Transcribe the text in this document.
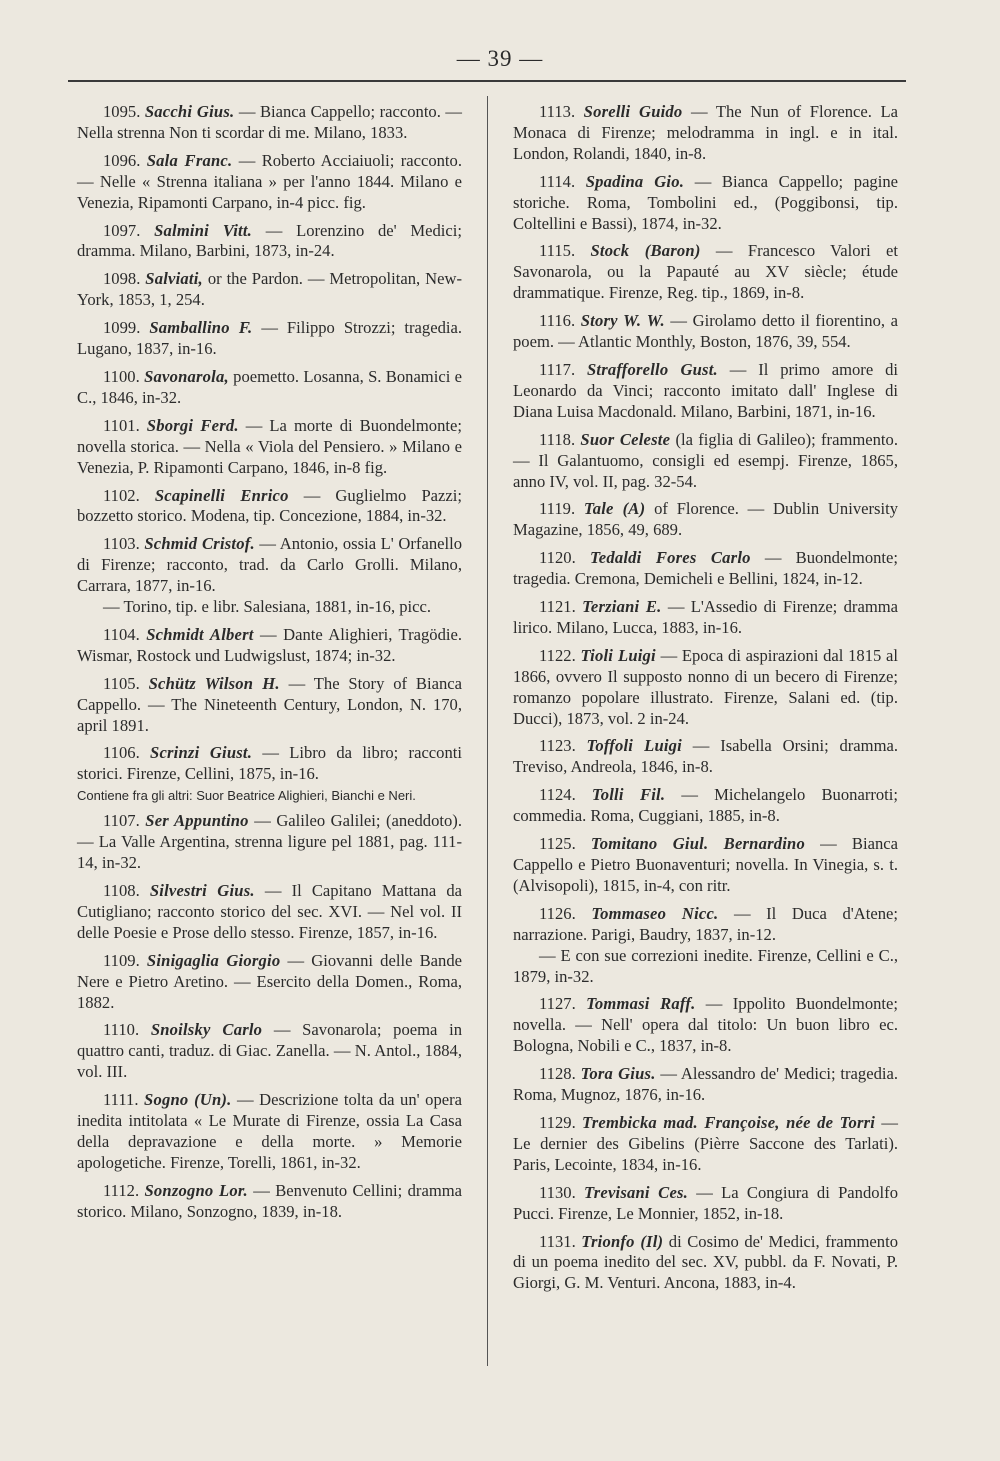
— 39 —

1095. Sacchi Gius. — Bianca Cappello; racconto. — Nella strenna Non ti scordar di me. Milano, 1833.

1096. Sala Franc. — Roberto Acciaiuoli; racconto. — Nelle « Strenna italiana » per l'anno 1844. Milano e Venezia, Ripamonti Carpano, in-4 picc. fig.

1097. Salmini Vitt. — Lorenzino de' Medici; dramma. Milano, Barbini, 1873, in-24.

1098. Salviati, or the Pardon. — Metropolitan, New-York, 1853, 1, 254.

1099. Samballino F. — Filippo Strozzi; tragedia. Lugano, 1837, in-16.

1100. Savonarola, poemetto. Losanna, S. Bonamici e C., 1846, in-32.

1101. Sborgi Ferd. — La morte di Buondelmonte; novella storica. — Nella « Viola del Pensiero. » Milano e Venezia, P. Ripamonti Carpano, 1846, in-8 fig.

1102. Scapinelli Enrico — Guglielmo Pazzi; bozzetto storico. Modena, tip. Concezione, 1884, in-32.

1103. Schmid Cristof. — Antonio, ossia L' Orfanello di Firenze; racconto, trad. da Carlo Grolli. Milano, Carrara, 1877, in-16.

— Torino, tip. e libr. Salesiana, 1881, in-16, picc.

1104. Schmidt Albert — Dante Alighieri, Tragödie. Wismar, Rostock und Ludwigslust, 1874; in-32.

1105. Schütz Wilson H. — The Story of Bianca Cappello. — The Nineteenth Century, London, N. 170, april 1891.

1106. Scrinzi Giust. — Libro da libro; racconti storici. Firenze, Cellini, 1875, in-16.

Contiene fra gli altri: Suor Beatrice Alighieri, Bianchi e Neri.

1107. Ser Appuntino — Galileo Galilei; (aneddoto). — La Valle Argentina, strenna ligure pel 1881, pag. 111-14, in-32.

1108. Silvestri Gius. — Il Capitano Mattana da Cutigliano; racconto storico del sec. XVI. — Nel vol. II delle Poesie e Prose dello stesso. Firenze, 1857, in-16.

1109. Sinigaglia Giorgio — Giovanni delle Bande Nere e Pietro Aretino. — Esercito della Domen., Roma, 1882.

1110. Snoilsky Carlo — Savonarola; poema in quattro canti, traduz. di Giac. Zanella. — N. Antol., 1884, vol. III.

1111. Sogno (Un). — Descrizione tolta da un' opera inedita intitolata « Le Murate di Firenze, ossia La Casa della depravazione e della morte. » Memorie apologetiche. Firenze, Torelli, 1861, in-32.

1112. Sonzogno Lor. — Benvenuto Cellini; dramma storico. Milano, Sonzogno, 1839, in-18.

1113. Sorelli Guido — The Nun of Florence. La Monaca di Firenze; melodramma in ingl. e in ital. London, Rolandi, 1840, in-8.

1114. Spadina Gio. — Bianca Cappello; pagine storiche. Roma, Tombolini ed., (Poggibonsi, tip. Coltellini e Bassi), 1874, in-32.

1115. Stock (Baron) — Francesco Valori et Savonarola, ou la Papauté au XV siècle; étude drammatique. Firenze, Reg. tip., 1869, in-8.

1116. Story W. W. — Girolamo detto il fiorentino, a poem. — Atlantic Monthly, Boston, 1876, 39, 554.

1117. Strafforello Gust. — Il primo amore di Leonardo da Vinci; racconto imitato dall' Inglese di Diana Luisa Macdonald. Milano, Barbini, 1871, in-16.

1118. Suor Celeste (la figlia di Galileo); frammento. — Il Galantuomo, consigli ed esempj. Firenze, 1865, anno IV, vol. II, pag. 32-54.

1119. Tale (A) of Florence. — Dublin University Magazine, 1856, 49, 689.

1120. Tedaldi Fores Carlo — Buondelmonte; tragedia. Cremona, Demicheli e Bellini, 1824, in-12.

1121. Terziani E. — L'Assedio di Firenze; dramma lirico. Milano, Lucca, 1883, in-16.

1122. Tioli Luigi — Epoca di aspirazioni dal 1815 al 1866, ovvero Il supposto nonno di un becero di Firenze; romanzo popolare illustrato. Firenze, Salani ed. (tip. Ducci), 1873, vol. 2 in-24.

1123. Toffoli Luigi — Isabella Orsini; dramma. Treviso, Andreola, 1846, in-8.

1124. Tolli Fil. — Michelangelo Buonarroti; commedia. Roma, Cuggiani, 1885, in-8.

1125. Tomitano Giul. Bernardino — Bianca Cappello e Pietro Buonaventuri; novella. In Vinegia, s. t. (Alvisopoli), 1815, in-4, con ritr.

1126. Tommaseo Nicc. — Il Duca d'Atene; narrazione. Parigi, Baudry, 1837, in-12.

— E con sue correzioni inedite. Firenze, Cellini e C., 1879, in-32.

1127. Tommasi Raff. — Ippolito Buondelmonte; novella. — Nell' opera dal titolo: Un buon libro ec. Bologna, Nobili e C., 1837, in-8.

1128. Tora Gius. — Alessandro de' Medici; tragedia. Roma, Mugnoz, 1876, in-16.

1129. Trembicka mad. Françoise, née de Torri — Le dernier des Gibelins (Pièrre Saccone des Tarlati). Paris, Lecointe, 1834, in-16.

1130. Trevisani Ces. — La Congiura di Pandolfo Pucci. Firenze, Le Monnier, 1852, in-18.

1131. Trionfo (Il) di Cosimo de' Medici, frammento di un poema inedito del sec. XV, pubbl. da F. Novati, P. Giorgi, G. M. Venturi. Ancona, 1883, in-4.
